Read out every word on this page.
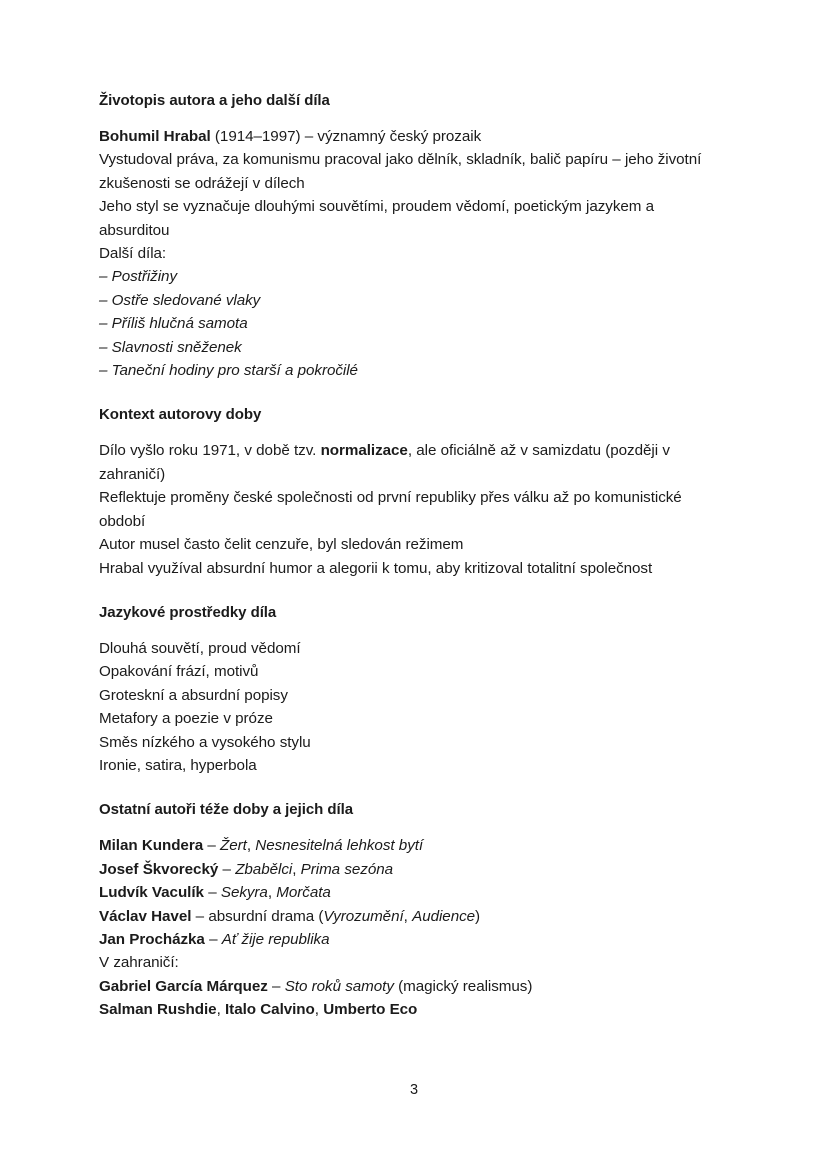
Životopis autora a jeho další díla

Bohumil Hrabal (1914–1997) – významný český prozaik

Vystudoval práva, za komunismu pracoval jako dělník, skladník, balič papíru – jeho životní zkušenosti se odrážejí v dílech

Jeho styl se vyznačuje dlouhými souvětími, proudem vědomí, poetickým jazykem a absurditou

Další díla:

– Postřižiny

– Ostře sledované vlaky

– Příliš hlučná samota

– Slavnosti sněženek

– Taneční hodiny pro starší a pokročilé

Kontext autorovy doby

Dílo vyšlo roku 1971, v době tzv. normalizace, ale oficiálně až v samizdatu (později v zahraničí)

Reflektuje proměny české společnosti od první republiky přes válku až po komunistické období

Autor musel často čelit cenzuře, byl sledován režimem

Hrabal využíval absurdní humor a alegorii k tomu, aby kritizoval totalitní společnost

Jazykové prostředky díla

Dlouhá souvětí, proud vědomí

Opakování frází, motivů

Groteskní a absurdní popisy

Metafory a poezie v próze

Směs nízkého a vysokého stylu

Ironie, satira, hyperbola

Ostatní autoři téže doby a jejich díla

Milan Kundera – Žert, Nesnesitelná lehkost bytí

Josef Škvorecký – Zbabělci, Prima sezóna

Ludvík Vaculík – Sekyra, Morčata

Václav Havel – absurdní drama (Vyrozumění, Audience)

Jan Procházka – Ať žije republika

V zahraničí:

Gabriel García Márquez – Sto roků samoty (magický realismus)

Salman Rushdie, Italo Calvino, Umberto Eco

3
